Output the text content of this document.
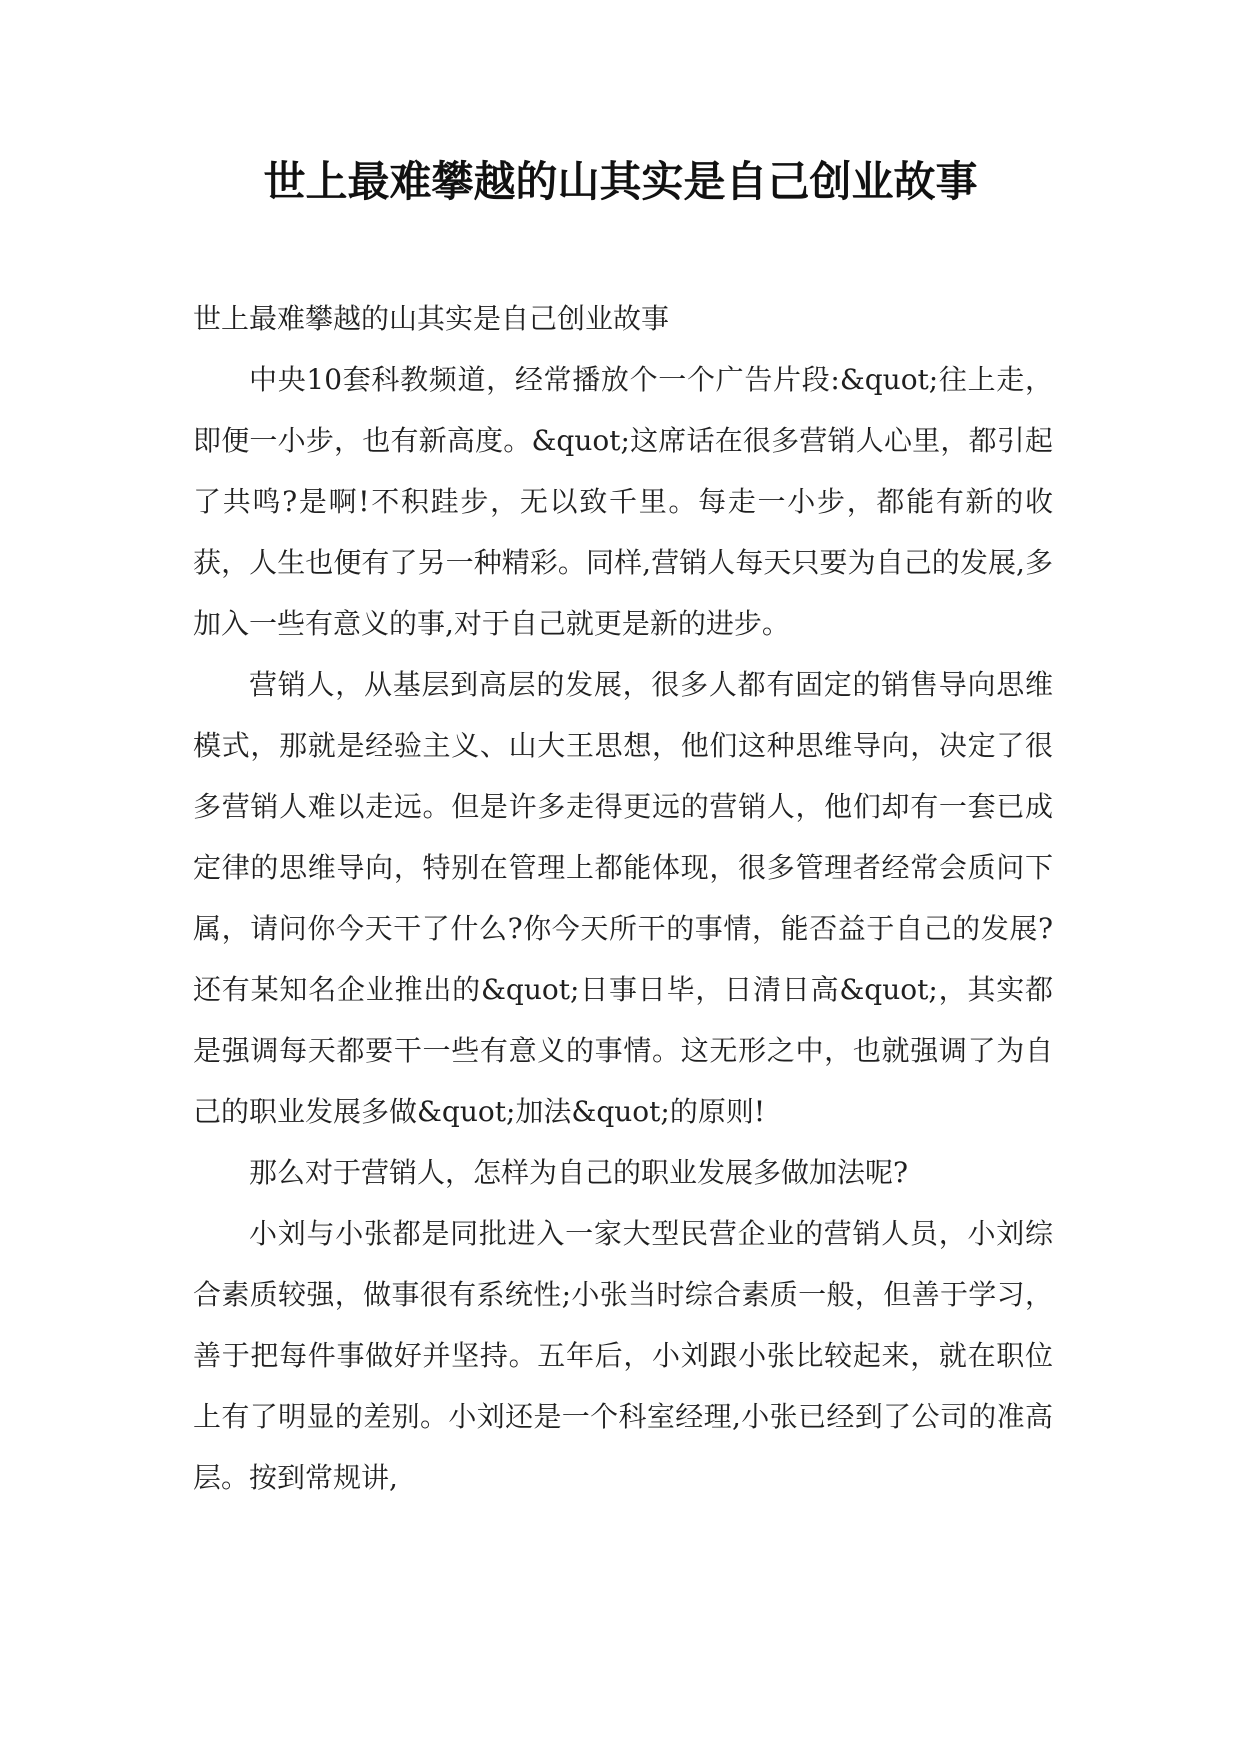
世上最难攀越的山其实是自己创业故事

世上最难攀越的山其实是自己创业故事

中央10套科教频道，经常播放个一个广告片段:&quot;往上走，即便一小步，也有新高度。&quot;这席话在很多营销人心里，都引起了共鸣?是啊!不积跬步，无以致千里。每走一小步，都能有新的收获，人生也便有了另一种精彩。同样,营销人每天只要为自己的发展,多加入一些有意义的事,对于自己就更是新的进步。

营销人，从基层到高层的发展，很多人都有固定的销售导向思维模式，那就是经验主义、山大王思想，他们这种思维导向，决定了很多营销人难以走远。但是许多走得更远的营销人，他们却有一套已成定律的思维导向，特别在管理上都能体现，很多管理者经常会质问下属，请问你今天干了什么?你今天所干的事情，能否益于自己的发展?还有某知名企业推出的&quot;日事日毕，日清日高&quot;，其实都是强调每天都要干一些有意义的事情。这无形之中，也就强调了为自己的职业发展多做&quot;加法&quot;的原则!

那么对于营销人，怎样为自己的职业发展多做加法呢?

小刘与小张都是同批进入一家大型民营企业的营销人员，小刘综合素质较强，做事很有系统性;小张当时综合素质一般，但善于学习，善于把每件事做好并坚持。五年后，小刘跟小张比较起来，就在职位上有了明显的差别。小刘还是一个科室经理,小张已经到了公司的准高层。按到常规讲,
